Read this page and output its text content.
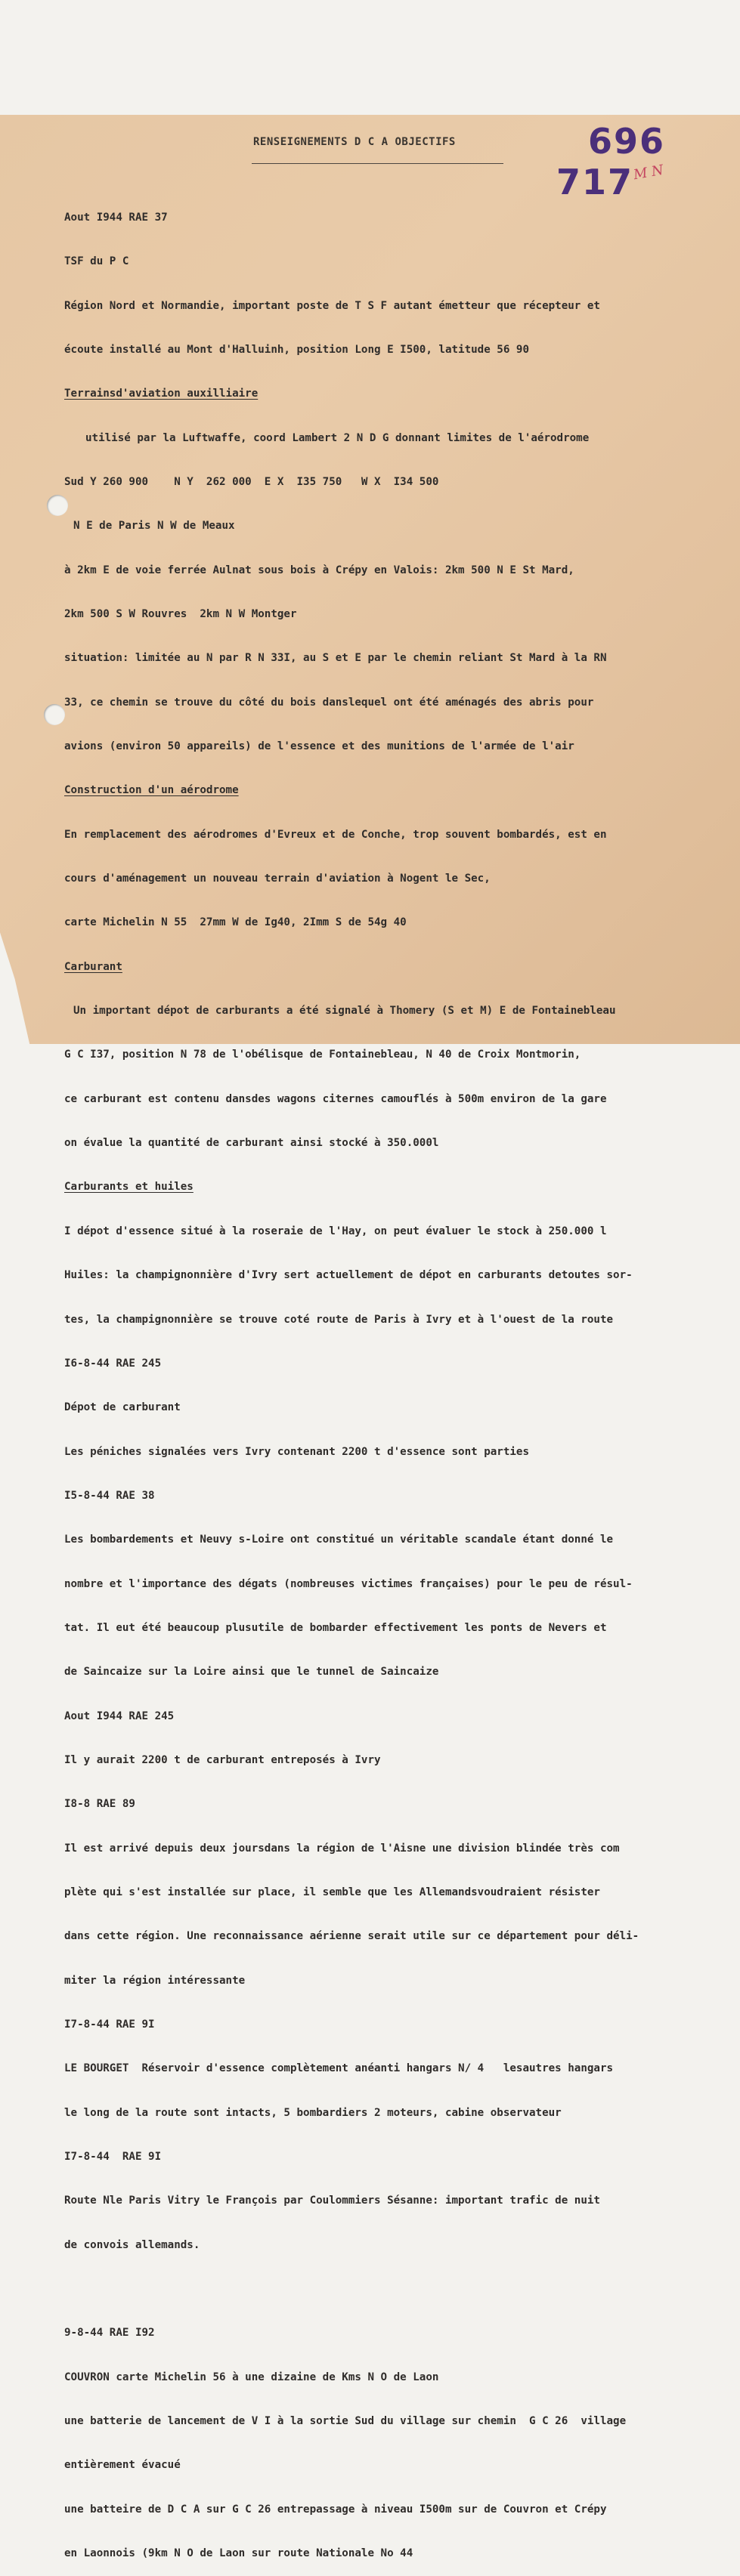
RENSEIGNEMENTS D C A OBJECTIFS	696
717
M N

Aout I944 RAE 37

TSF du P C

Région Nord et Normandie, important poste de T S F autant émetteur que récepteur et

écoute installé au Mont d'Halluinh, position Long E I500, latitude 56 90

Terrainsd'aviation auxilliaire

utilisé par la Luftwaffe, coord Lambert 2 N D G donnant limites de l'aérodrome

Sud Y 260 900    N Y  262 000  E X  I35 750   W X  I34 500

N E de Paris N W de Meaux

à 2km E de voie ferrée Aulnat sous bois à Crépy en Valois: 2km 500 N E St Mard,

2km 500 S W Rouvres  2km N W Montger

situation: limitée au N par R N 33I, au S et E par le chemin reliant St Mard à la RN

33, ce chemin se trouve du côté du bois danslequel ont été aménagés des abris pour

avions (environ 50 appareils) de l'essence et des munitions de l'armée de l'air

Construction d'un aérodrome

En remplacement des aérodromes d'Evreux et de Conche, trop souvent bombardés, est en

cours d'aménagement un nouveau terrain d'aviation à Nogent le Sec,

carte Michelin N 55  27mm W de Ig40, 2Imm S de 54g 40

Carburant

Un important dépot de carburants a été signalé à Thomery (S et M) E de Fontainebleau

G C I37, position N 78 de l'obélisque de Fontainebleau, N 40 de Croix Montmorin,

ce carburant est contenu dansdes wagons citernes camouflés à 500m environ de la gare

on évalue la quantité de carburant ainsi stocké à 350.000l

Carburants et huiles

I dépot d'essence situé à la roseraie de l'Hay, on peut évaluer le stock à 250.000 l

Huiles: la champignonnière d'Ivry sert actuellement de dépot en carburants detoutes sor-

tes, la champignonnière se trouve coté route de Paris à Ivry et à l'ouest de la route

I6-8-44 RAE 245

Dépot de carburant

Les péniches signalées vers Ivry contenant 2200 t d'essence sont parties

I5-8-44 RAE 38

Les bombardements et Neuvy s-Loire ont constitué un véritable scandale étant donné le

nombre et l'importance des dégats (nombreuses victimes françaises) pour le peu de résul-

tat. Il eut été beaucoup plusutile de bombarder effectivement les ponts de Nevers et

de Saincaize sur la Loire ainsi que le tunnel de Saincaize

Aout I944 RAE 245

Il y aurait 2200 t de carburant entreposés à Ivry

I8-8 RAE 89

Il est arrivé depuis deux joursdans la région de l'Aisne une division blindée très com

plète qui s'est installée sur place, il semble que les Allemandsvoudraient résister

dans cette région. Une reconnaissance aérienne serait utile sur ce département pour déli-

miter la région intéressante

I7-8-44 RAE 9I

LE BOURGET  Réservoir d'essence complètement anéanti hangars N/ 4   lesautres hangars

le long de la route sont intacts, 5 bombardiers 2 moteurs, cabine observateur

I7-8-44  RAE 9I

Route Nle Paris Vitry le François par Coulommiers Sésanne: important trafic de nuit

de convois allemands.

9-8-44 RAE I92

COUVRON carte Michelin 56 à une dizaine de Kms N O de Laon

une batterie de lancement de V I à la sortie Sud du village sur chemin  G C 26  village

entièrement évacué

une batteire de D C A sur G C 26 entrepassage à niveau I500m sur de Couvron et Crépy

en Laonnois (9km N O de Laon sur route Nationale No 44
